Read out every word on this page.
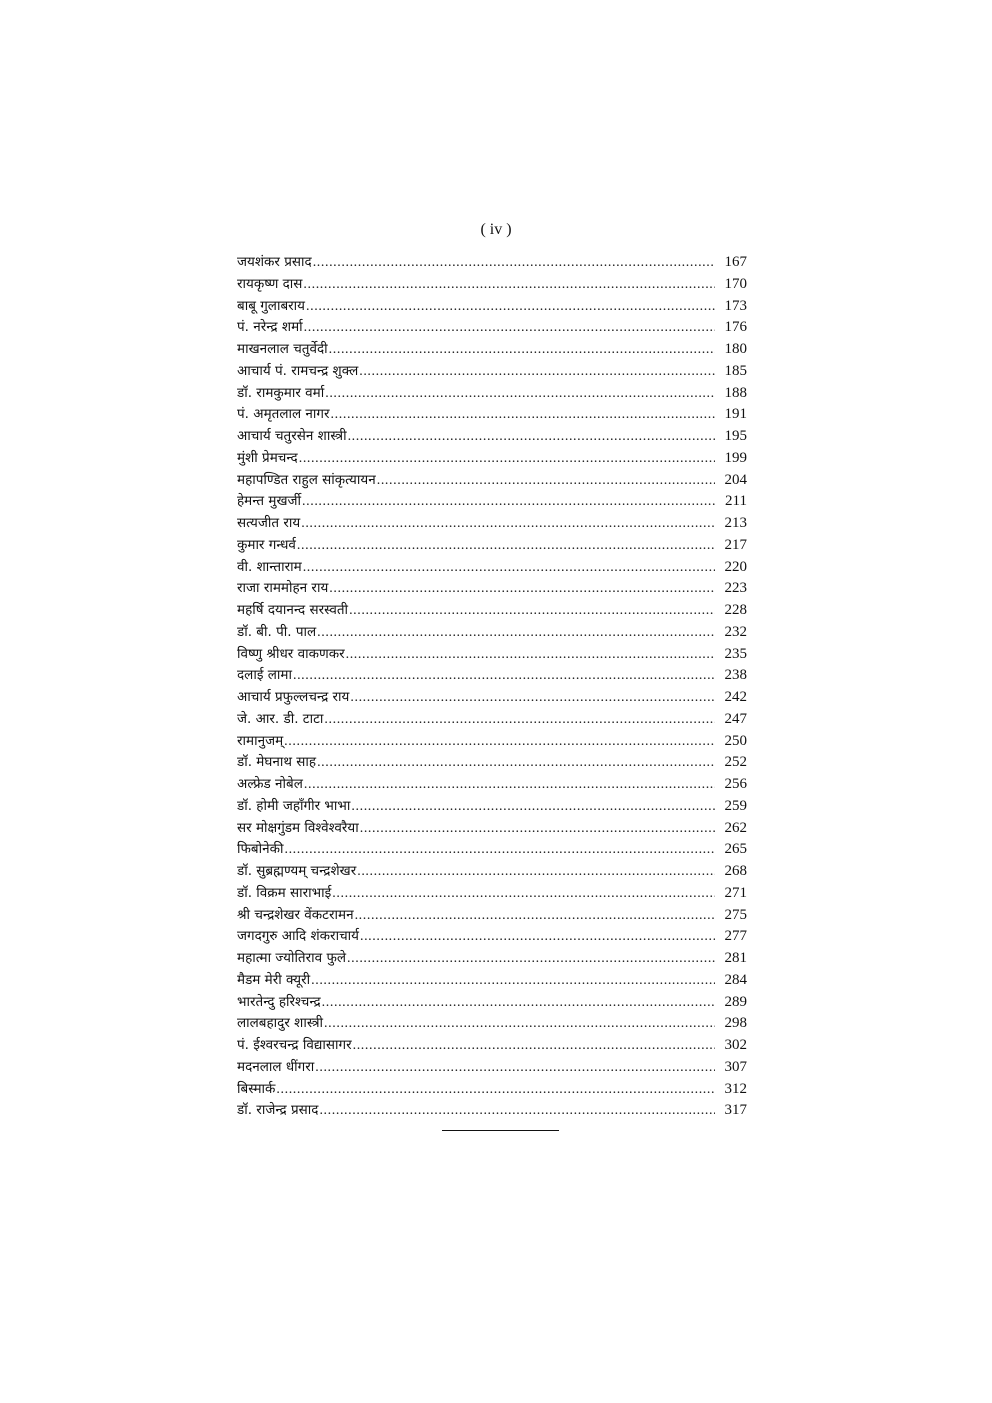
( iv )
जयशंकर प्रसाद .....	167
रायकृष्ण दास .....	170
बाबू गुलाबराय .....	173
पं. नरेन्द्र शर्मा .....	176
माखनलाल चतुर्वेदी .....	180
आचार्य पं. रामचन्द्र शुक्ल .....	185
डॉ. रामकुमार वर्मा .....	188
पं. अमृतलाल नागर .....	191
आचार्य चतुरसेन शास्त्री .....	195
मुंशी प्रेमचन्द .....	199
महापण्डित राहुल सांकृत्यायन .....	204
हेमन्त मुखर्जी .....	211
सत्यजीत राय .....	213
कुमार गन्धर्व .....	217
वी. शान्ताराम .....	220
राजा राममोहन राय .....	223
महर्षि दयानन्द सरस्वती .....	228
डॉ. बी. पी. पाल .....	232
विष्णु श्रीधर वाकणकर .....	235
दलाई लामा .....	238
आचार्य प्रफुल्लचन्द्र राय .....	242
जे. आर. डी. टाटा .....	247
रामानुजम् .....	250
डॉ. मेघनाथ साह .....	252
अल्फ्रेड नोबेल .....	256
डॉ. होमी जहाँगीर भाभा .....	259
सर मोक्षगुंडम विश्वेश्वरैया .....	262
फिबोनेकी .....	265
डॉ. सुब्रह्मण्यम् चन्द्रशेखर .....	268
डॉ. विक्रम साराभाई .....	271
श्री चन्द्रशेखर वेंकटरामन .....	275
जगदगुरु आदि शंकराचार्य .....	277
महात्मा ज्योतिराव फुले .....	281
मैडम मेरी क्यूरी .....	284
भारतेन्दु हरिश्चन्द्र .....	289
लालबहादुर शास्त्री .....	298
पं. ईश्वरचन्द्र विद्यासागर .....	302
मदनलाल धींगरा .....	307
बिस्मार्क .....	312
डॉ. राजेन्द्र प्रसाद .....	317
